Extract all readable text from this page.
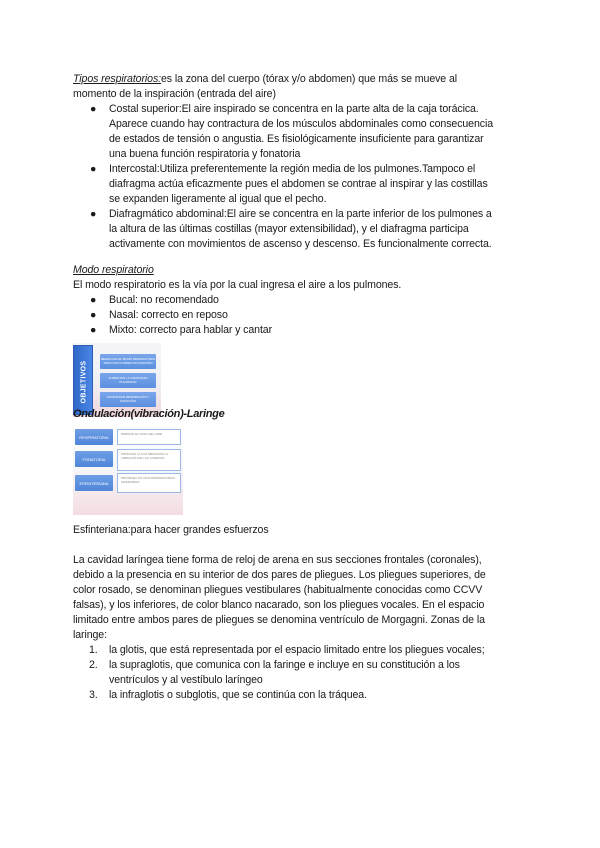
Tipos respiratorios:es la zona del cuerpo (tórax y/o abdomen) que más se mueve al

momento de la inspiración (entrada del aire)

● Costal superior:El aire inspirado se concentra en la parte alta de la caja torácica.
Aparece cuando hay contractura de los músculos abdominales como consecuencia
de estados de tensión o angustia. Es fisiológicamente insuficiente para garantizar
una buena función respiratoria y fonatoria
● Intercostal:Utiliza preferentemente la región media de los pulmones.Tampoco el
diafragma actúa eficazmente pues el abdomen se contrae al inspirar y las costillas
se expanden ligeramente al igual que el pecho.
● Diafragmático abdominal:El aire se concentra en la parte inferior de los pulmones a
la altura de las últimas costillas (mayor extensibilidad), y el diafragma participa
activamente con movimientos de ascenso y descenso. Es funcionalmente correcta.

Modo respiratorio

El modo respiratorio es la vía por la cual ingresa el aire a los pulmones.

● Bucal: no recomendado
● Nasal: correcto en reposo
● Mixto: correcto para hablar y cantar
OBJETIVOS
REEDUCAR EL MODO RESPIRATORIO PARA UNA CORRECTA FONACIÓN
AUMENTAR LA CAPACIDAD PULMONAR
COORDINAR RESPIRACIÓN Y FONACIÓN
Ondulación(vibración)-Laringe
RESPIRATORIA
PERMITE EL PASO DEL AIRE
FONATORIA
PRODUCE LA VOZ MEDIANTE LA VIBRACIÓN DE LAS CUERDAS
ESFINTERIANA
PROTEGE LAS VÍAS RESPIRATORIAS INFERIORES

Esfinteriana:para hacer grandes esfuerzos

La cavidad laríngea tiene forma de reloj de arena en sus secciones frontales (coronales),
debido a la presencia en su interior de dos pares de pliegues. Los pliegues superiores, de
color rosado, se denominan pliegues vestibulares (habitualmente conocidas como CCVV
falsas), y los inferiores, de color blanco nacarado, son los pliegues vocales. En el espacio
limitado entre ambos pares de pliegues se denomina ventrículo de Morgagni. Zonas de la
laringe:
1. la glotis, que está representada por el espacio limitado entre los pliegues vocales;
2. la supraglotis, que comunica con la faringe e incluye en su constitución a los
ventrículos y al vestíbulo laríngeo
3. la infraglotis o subglotis, que se continúa con la tráquea.
